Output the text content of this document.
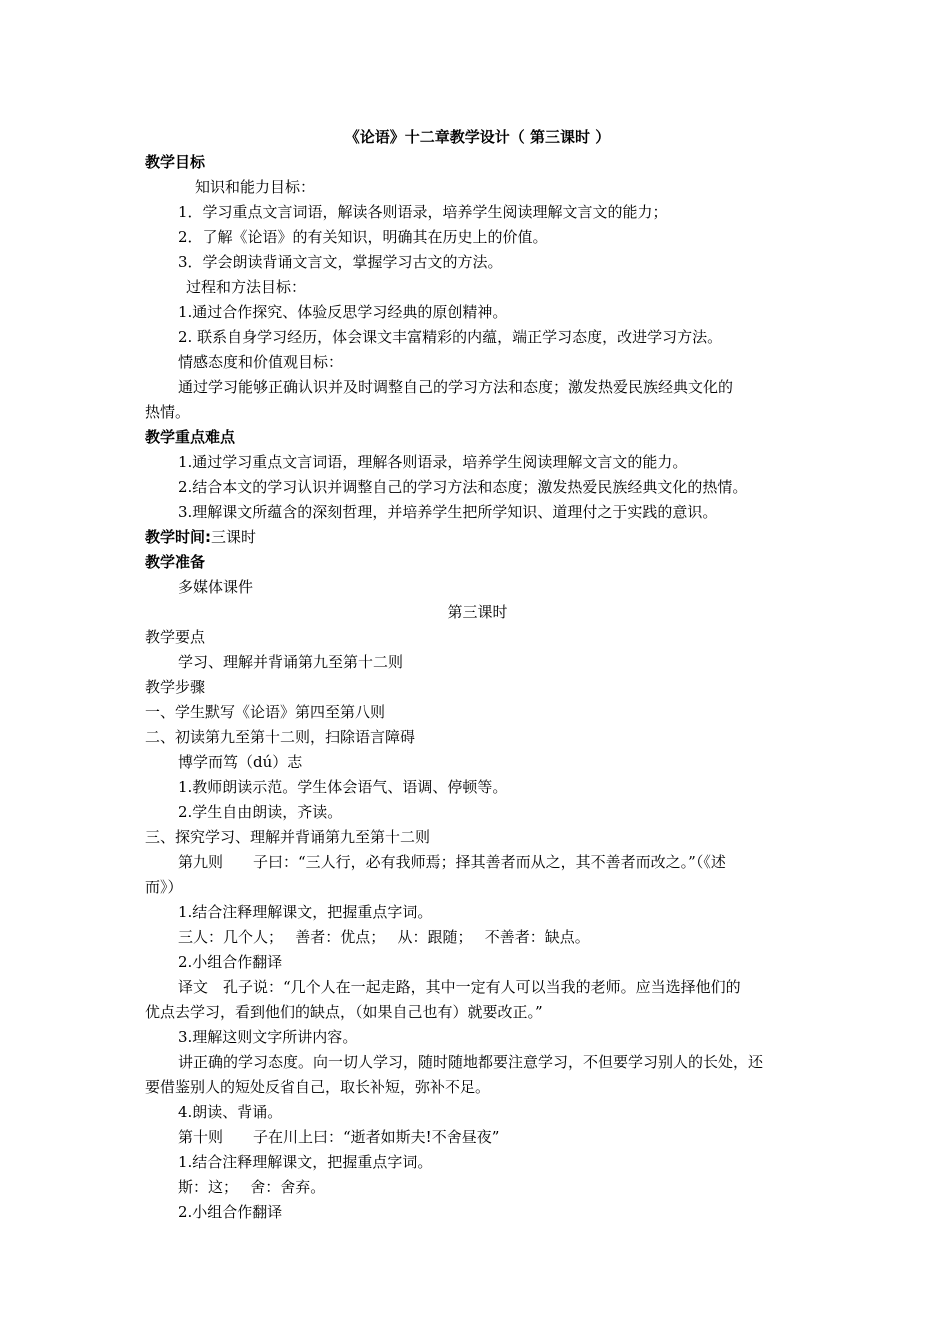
《论语》十二章教学设计（ 第三课时 ）
教学目标
知识和能力目标：
1．学习重点文言词语，解读各则语录，培养学生阅读理解文言文的能力；
2．了解《论语》的有关知识，明确其在历史上的价值。
3．学会朗读背诵文言文，掌握学习古文的方法。
过程和方法目标：
1.通过合作探究、体验反思学习经典的原创精神。
2. 联系自身学习经历，体会课文丰富精彩的内蕴，端正学习态度，改进学习方法。
情感态度和价值观目标：
通过学习能够正确认识并及时调整自己的学习方法和态度；激发热爱民族经典文化的
热情。
教学重点难点
1.通过学习重点文言词语，理解各则语录，培养学生阅读理解文言文的能力。
2.结合本文的学习认识并调整自己的学习方法和态度；激发热爱民族经典文化的热情。
3.理解课文所蕴含的深刻哲理，并培养学生把所学知识、道理付之于实践的意识。
教学时间:三课时
教学准备
多媒体课件
第三课时
教学要点
学习、理解并背诵第九至第十二则
教学步骤
一、学生默写《论语》第四至第八则
二、初读第九至第十二则，扫除语言障碍
博学而笃（dú）志
1.教师朗读示范。学生体会语气、语调、停顿等。
2.学生自由朗读，齐读。
三、探究学习、理解并背诵第九至第十二则
第九则　　子曰：“三人行，必有我师焉；择其善者而从之，其不善者而改之。”（《述
而》）
1.结合注释理解课文，把握重点字词。
三人：几个人；　 善者：优点；　 从：跟随；　 不善者：缺点。
2.小组合作翻译
译文　孔子说：“几个人在一起走路，其中一定有人可以当我的老师。应当选择他们的
优点去学习，看到他们的缺点，（如果自己也有）就要改正。”
3.理解这则文字所讲内容。
讲正确的学习态度。向一切人学习，随时随地都要注意学习，不但要学习别人的长处，还
要借鉴别人的短处反省自己，取长补短，弥补不足。
4.朗读、背诵。
第十则　　子在川上曰：“逝者如斯夫!不舍昼夜”
1.结合注释理解课文，把握重点字词。
斯：这；　 舍：舍弃。
2.小组合作翻译
